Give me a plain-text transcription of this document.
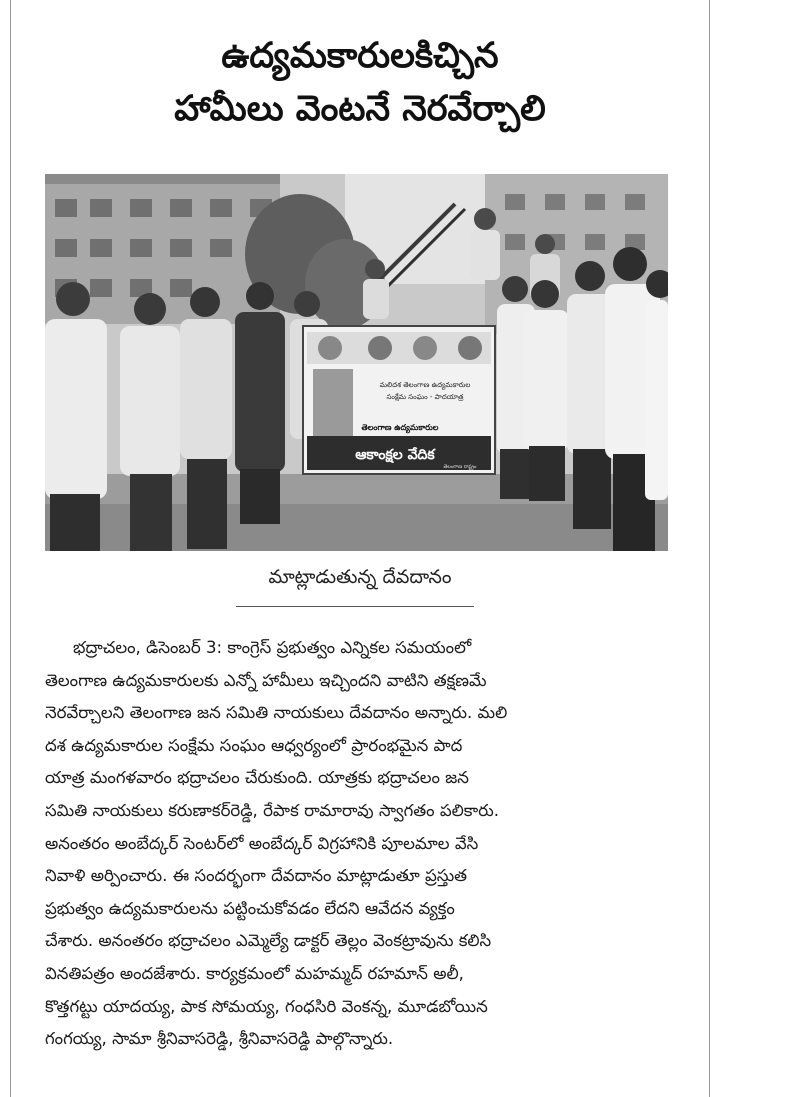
ఉద్యమకారులకిచ్చిన
హామీలు వెంటనే నెరవేర్చాలి
మలిదశ తెలంగాణ ఉద్యమకారుల
సంక్షేమ సంఘం - పాదయాత్ర
తెలంగాణ ఉద్యమకారుల
ఆకాంక్షల వేదిక
తెలంగాణ రాష్ట్రం
మాట్లాడుతున్న దేవదానం
భద్రాచలం, డిసెంబర్ 3: కాంగ్రెస్ ప్రభుత్వం ఎన్నికల సమయంలో
తెలంగాణ ఉద్యమకారులకు ఎన్నో హామీలు ఇచ్చిందని వాటిని తక్షణమే
నెరవేర్చాలని తెలంగాణ జన సమితి నాయకులు దేవదానం అన్నారు. మలి
దశ ఉద్యమకారుల సంక్షేమ సంఘం ఆధ్వర్యంలో ప్రారంభమైన పాద
యాత్ర మంగళవారం భద్రాచలం చేరుకుంది. యాత్రకు భద్రాచలం జన
సమితి నాయకులు కరుణాకర్‌రెడ్డి, రేపాక రామారావు స్వాగతం పలికారు.
అనంతరం అంబేద్కర్ సెంటర్‌లో అంబేద్కర్ విగ్రహానికి పూలమాల వేసి
నివాళి అర్పించారు. ఈ సందర్భంగా దేవదానం మాట్లాడుతూ ప్రస్తుత
ప్రభుత్వం ఉద్యమకారులను పట్టించుకోవడం లేదని ఆవేదన వ్యక్తం
చేశారు. అనంతరం భద్రాచలం ఎమ్మెల్యే డాక్టర్ తెల్లం వెంకట్రావును కలిసి
వినతిపత్రం అందజేశారు. కార్యక్రమంలో మహమ్మద్ రహమాన్ అలీ,
కొత్తగట్టు యాదయ్య, పాక సోమయ్య, గంధసిరి వెంకన్న, మూడబోయిన
గంగయ్య, సామా శ్రీనివాసరెడ్డి, శ్రీనివాసరెడ్డి పాల్గొన్నారు.
